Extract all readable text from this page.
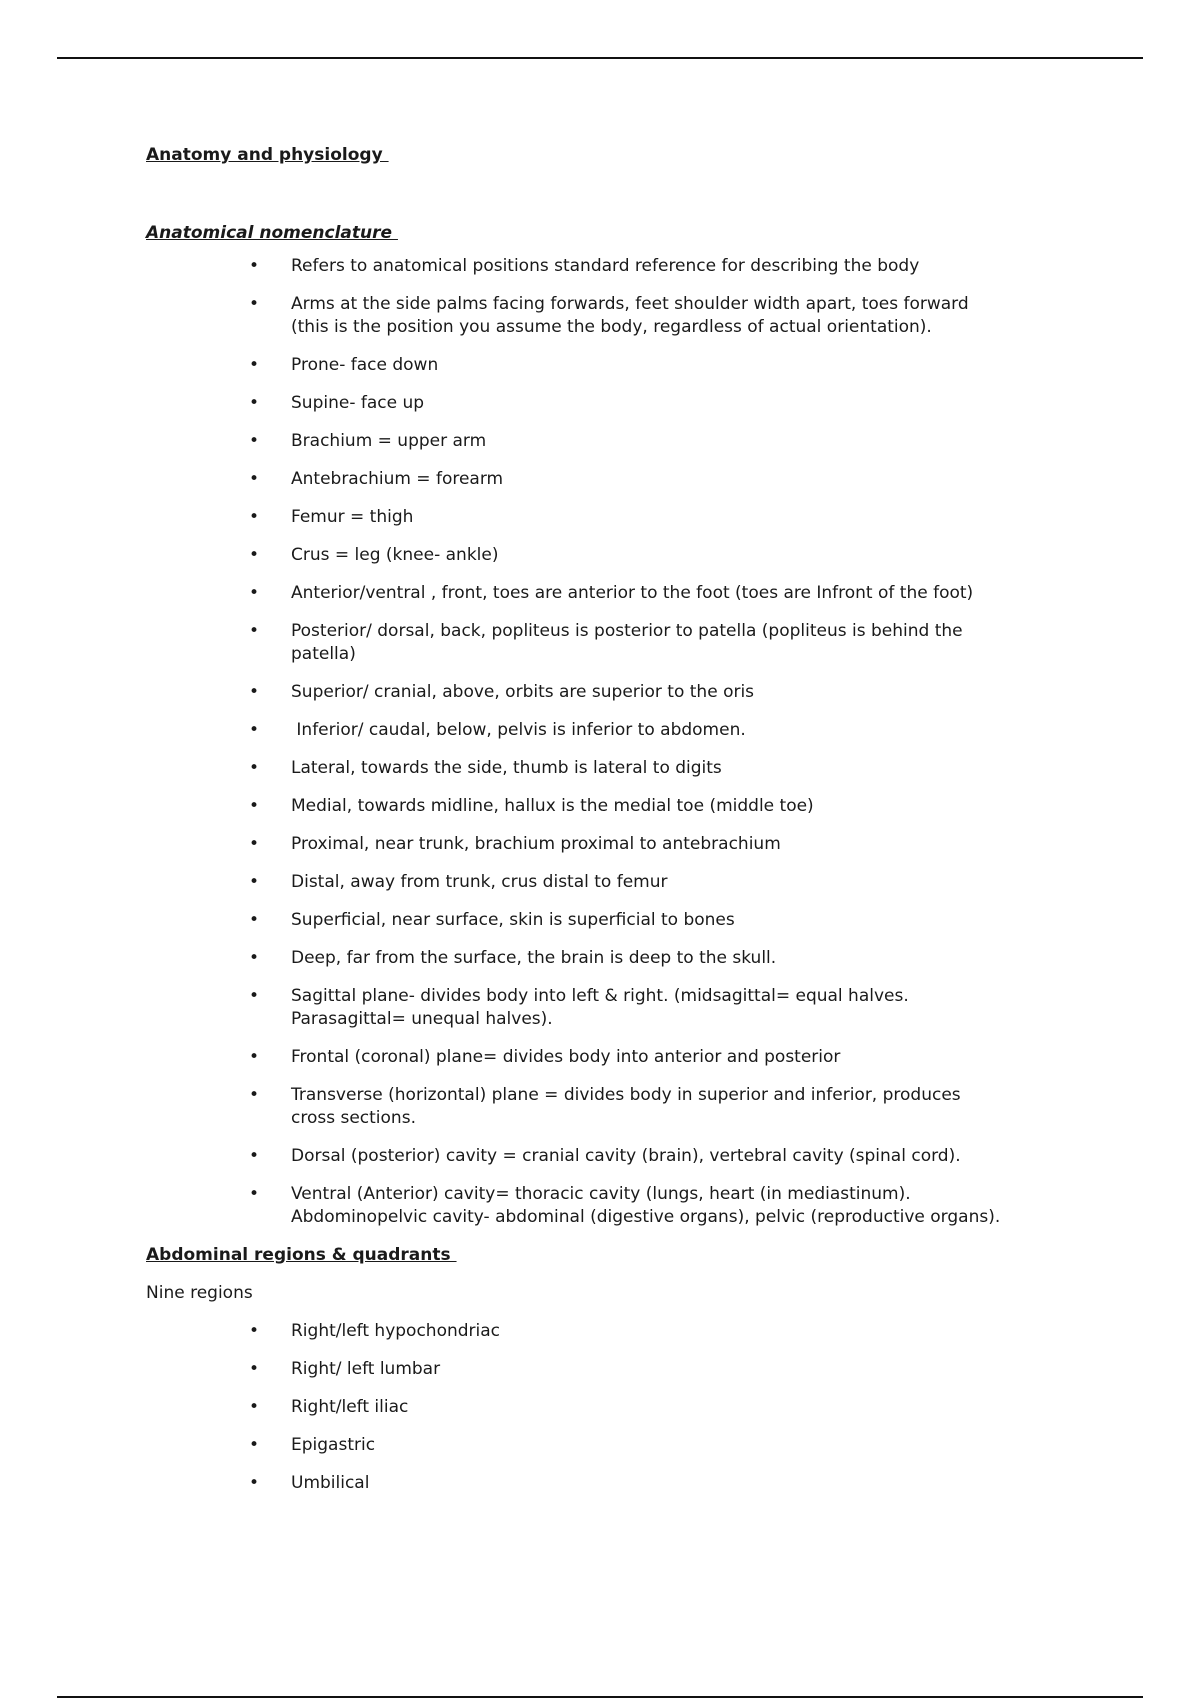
Anatomy and physiology
Anatomical nomenclature
• Refers to anatomical positions standard reference for describing the body
• Arms at the side palms facing forwards, feet shoulder width apart, toes forward
(this is the position you assume the body, regardless of actual orientation).
• Prone- face down
• Supine- face up
• Brachium = upper arm
• Antebrachium = forearm
• Femur = thigh
• Crus = leg (knee- ankle)
• Anterior/ventral , front, toes are anterior to the foot (toes are Infront of the foot)
• Posterior/ dorsal, back, popliteus is posterior to patella (popliteus is behind the
patella)
• Superior/ cranial, above, orbits are superior to the oris
• Inferior/ caudal, below, pelvis is inferior to abdomen.
• Lateral, towards the side, thumb is lateral to digits
• Medial, towards midline, hallux is the medial toe (middle toe)
• Proximal, near trunk, brachium proximal to antebrachium
• Distal, away from trunk, crus distal to femur
• Superficial, near surface, skin is superficial to bones
• Deep, far from the surface, the brain is deep to the skull.
• Sagittal plane- divides body into left & right. (midsagittal= equal halves.
Parasagittal= unequal halves).
• Frontal (coronal) plane= divides body into anterior and posterior
• Transverse (horizontal) plane = divides body in superior and inferior, produces
cross sections.
• Dorsal (posterior) cavity = cranial cavity (brain), vertebral cavity (spinal cord).
• Ventral (Anterior) cavity= thoracic cavity (lungs, heart (in mediastinum).
Abdominopelvic cavity- abdominal (digestive organs), pelvic (reproductive organs).
Abdominal regions & quadrants

Nine regions

• Right/left hypochondriac
• Right/ left lumbar
• Right/left iliac
• Epigastric
• Umbilical
